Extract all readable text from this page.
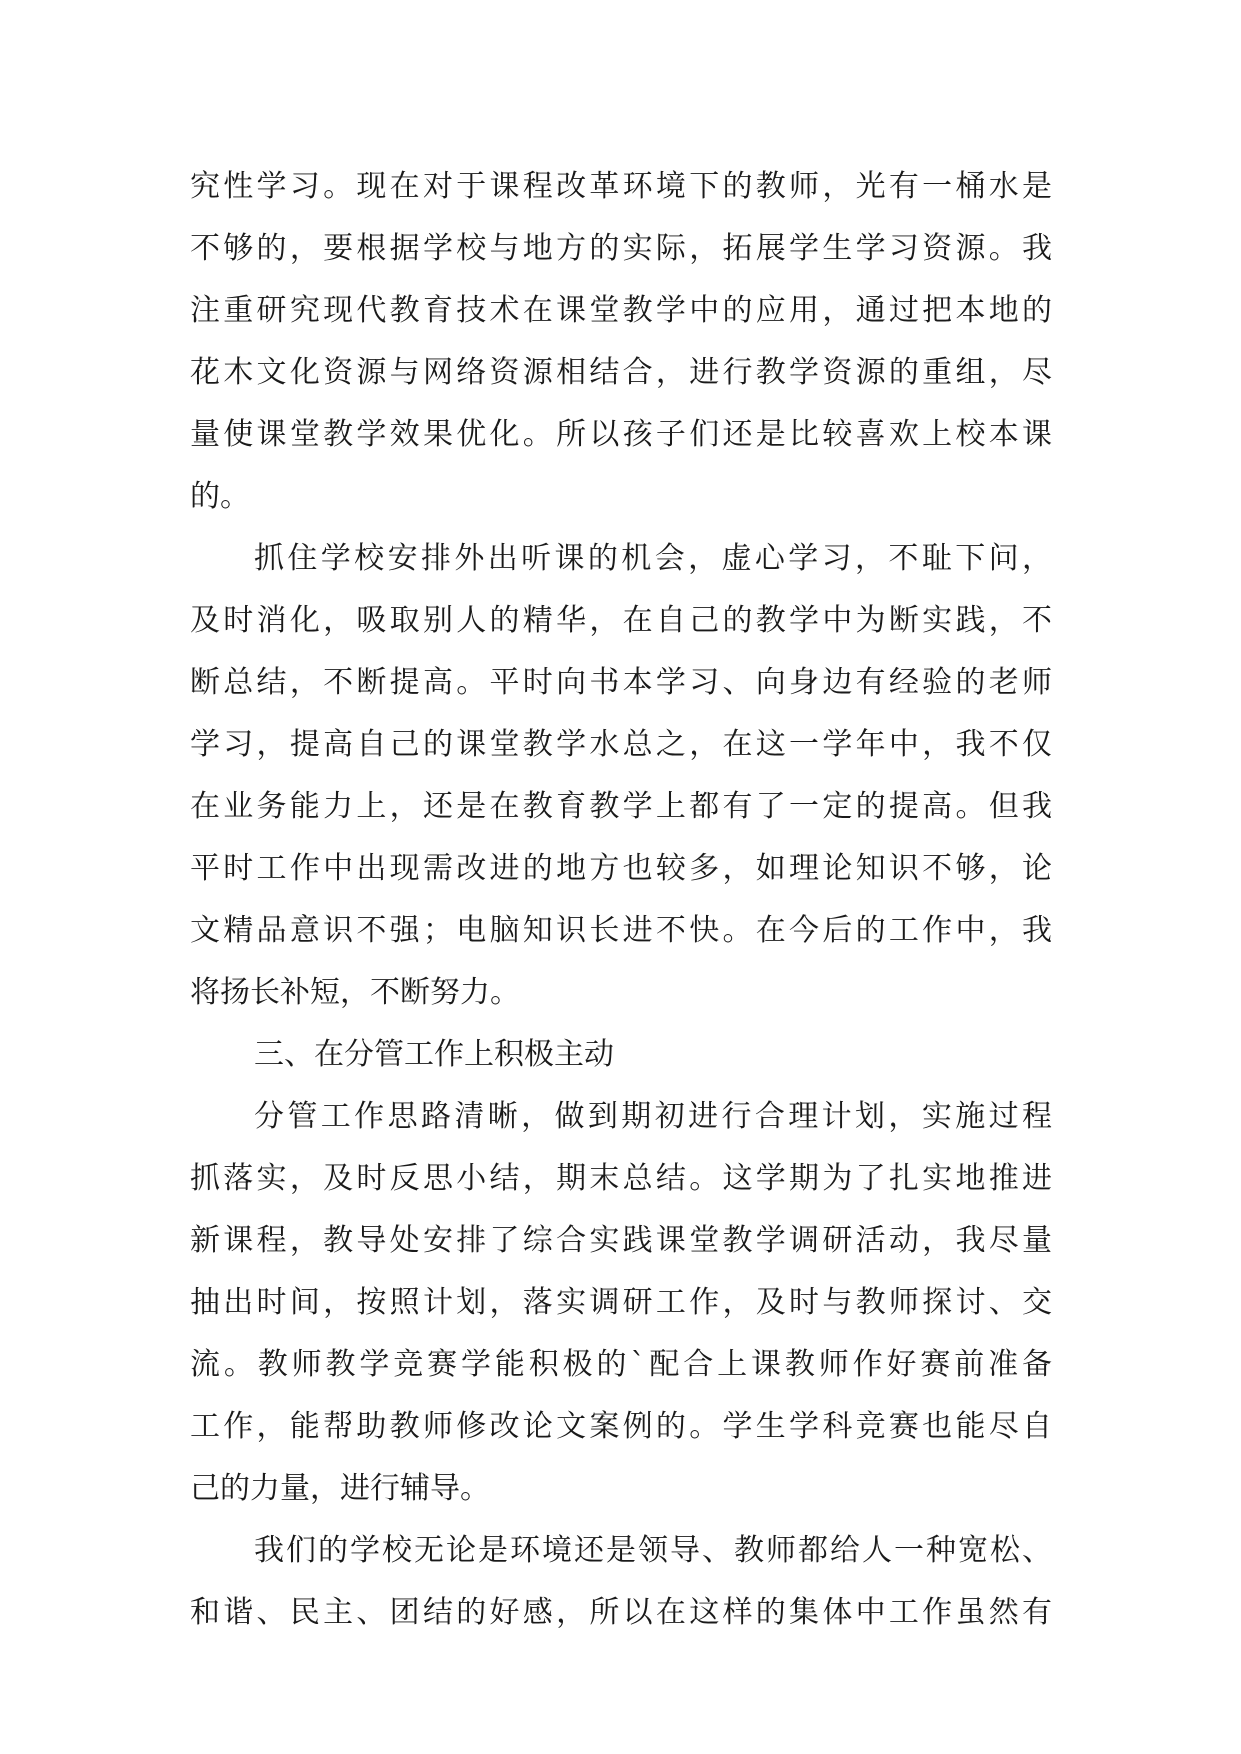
究性学习。现在对于课程改革环境下的教师，光有一桶水是
不够的，要根据学校与地方的实际，拓展学生学习资源。我
注重研究现代教育技术在课堂教学中的应用，通过把本地的
花木文化资源与网络资源相结合，进行教学资源的重组，尽
量使课堂教学效果优化。所以孩子们还是比较喜欢上校本课
的。
抓住学校安排外出听课的机会，虚心学习，不耻下问，
及时消化，吸取别人的精华，在自己的教学中为断实践，不
断总结，不断提高。平时向书本学习、向身边有经验的老师
学习，提高自己的课堂教学水总之，在这一学年中，我不仅
在业务能力上，还是在教育教学上都有了一定的提高。但我
平时工作中出现需改进的地方也较多，如理论知识不够，论
文精品意识不强；电脑知识长进不快。在今后的工作中，我
将扬长补短，不断努力。
三、在分管工作上积极主动
分管工作思路清晰，做到期初进行合理计划，实施过程
抓落实，及时反思小结，期末总结。这学期为了扎实地推进
新课程，教导处安排了综合实践课堂教学调研活动，我尽量
抽出时间，按照计划，落实调研工作，及时与教师探讨、交
流。教师教学竞赛学能积极的`配合上课教师作好赛前准备
工作，能帮助教师修改论文案例的。学生学科竞赛也能尽自
己的力量，进行辅导。
我们的学校无论是环境还是领导、教师都给人一种宽松、
和谐、民主、团结的好感，所以在这样的集体中工作虽然有
